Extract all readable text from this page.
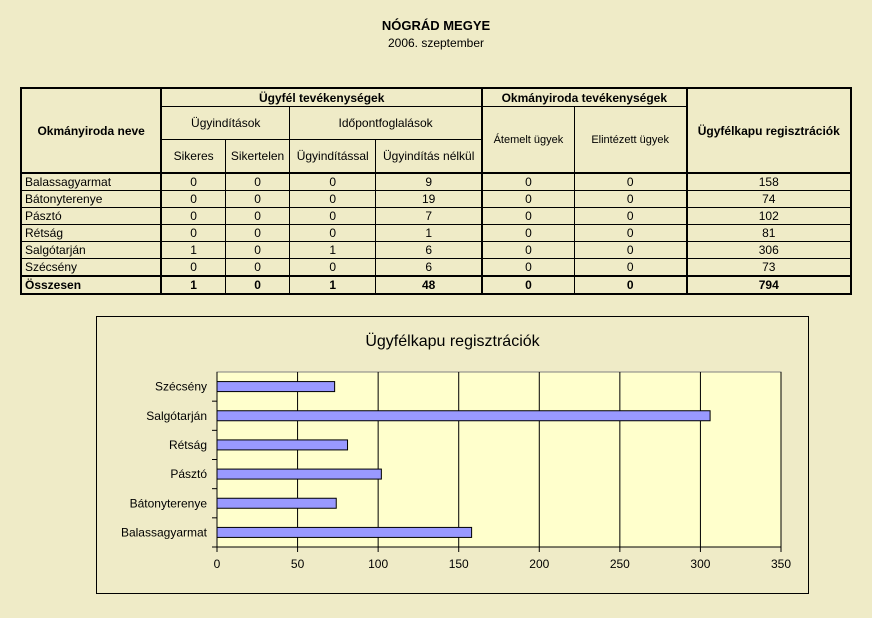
NÓGRÁD MEGYE
2006. szeptember
Okmányiroda neve	Ügyfél tevékenységek				Okmányiroda tevékenységek		Ügyfélkapu regisztrációk
	Ügyindítások		Időpontfoglalások		Átemelt ügyek	Elintézett ügyek	
	Sikeres	Sikertelen	Ügyindítással	Ügyindítás nélkül			
Balassagyarmat	0	0	0	9	0	0	158
Bátonyterenye	0	0	0	19	0	0	74
Pásztó	0	0	0	7	0	0	102
Rétság	0	0	0	1	0	0	81
Salgótarján	1	0	1	6	0	0	306
Szécsény	0	0	0	6	0	0	73
Összesen	1	0	1	48	0	0	794
Ügyfélkapu regisztrációk
0	50	100	150	200	250	300	350
Balassagyarmat
Bátonyterenye
Pásztó
Rétság
Salgótarján
Szécsény
